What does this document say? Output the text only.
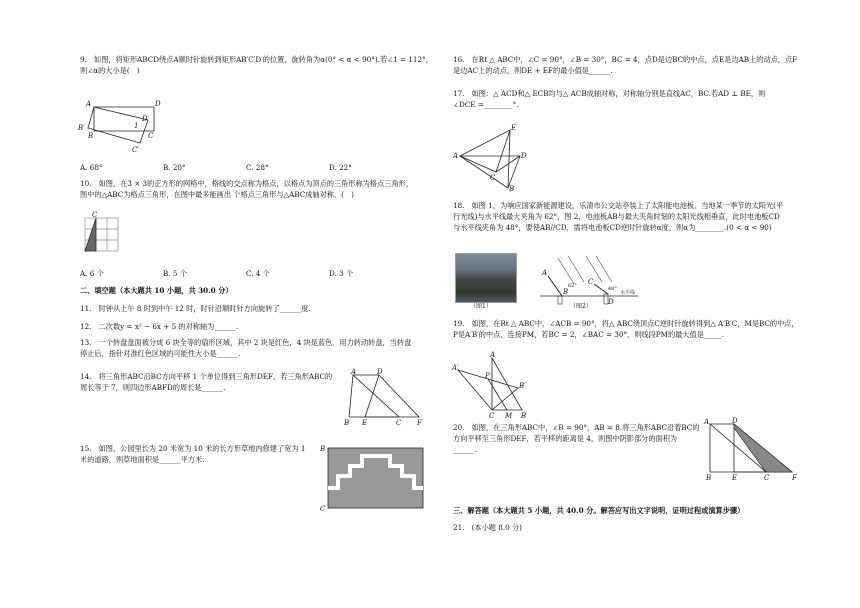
9.　如图，将矩形ABCD绕点A顺时针旋转到矩形AB′C′D′的位置，旋转角为α(0° < α < 90°).若∠1 = 112°，
则∠α的大小是(　)
A	D
B′
B
1
D′
C
C′
A. 68°	B. 20°	C. 28°	D. 22°
10.　如图，在3 × 3的正方形的网格中，格线的交点称为格点，以格点为顶点的三角形称为格点三角形，
图中的△ABC为格点三角形，在图中最多能画出 个格点三角形与△ABC成轴对称．(　)
C
A. 6 个	B. 5 个	C. 4 个	D. 3 个
二、填空题（本大题共 10 小题，共 30.0 分）
11.　时钟从上午 8 时到中午 12 时，时针沿顺时针方向旋转了______度.
12.　二次数y = x² − 6x + 5 的对称轴为______.
13.　一个转盘盘面被分成 6 块全等的扇形区域，其中 2 块是红色，4 块是蓝色．用力转动转盘，当转盘
停止后，指针对准红色区域的可能性大小是______.
14.　将三角形ABC沿BC方向平移 1 个单位得到三角形DEF，若三角形ABC的
周长等于 7，则四边形ABFD的周长是______.
A	D
B E	C F
15.　如图，公园里长为 20 米宽为 10 米的长方形草地内修建了宽为 1
米的道路，则草地面积是______平方米.
B
C
16.　在Rt △ ABC中，∠C = 90°，∠B = 30°，BC = 4，点D是边BC的中点，点E是边AB上的动点，点F
是边AC上的动点，则DE + EF的最小值是______.
17.　如图：△ ACD和△ ECB均与△ ACB成轴对称，对称轴分别是直线AC，BC.若AD ⊥ BE，则
∠DCE =________°.
E
A	D
C
B
18.　如图 1，为响应国家新能源建设，乐清市公交站亭装上了太阳能电池板．当地某一季节的太阳光(平
行光线)与水平线最大夹角为 62°，图 2，电池板AB与最大夹角时刻的太阳光线相垂直，此时电池板CD
与水平线夹角为 48°，要使AB//CD，需将电池板CD逆时针旋转α度，则α为________.(0 < α < 90)
（图1）
A
B
C
D
62°	48°
水平线
（图2）
19.　如图，在Rt △ ABC中，∠ACB = 90°，将△ ABC绕顶点C逆时针旋转得到△ A′B′C，M是BC的中点，
P是A′B′的中点，连接PM，若BC = 2，∠BAC = 30°，则线段PM的最大值是_____.
A′
A
P
B′
C M B
20.　如图，在三角形ABC中，∠B = 90°，AB = 8.将三角形ABC沿着BC的
方向平移至三角形DEF，若平移的距离是 4，则图中阴影部分的面积为
______.
A	D
B	E	C	F
三、解答题（本大题共 5 小题，共 40.0 分。解答应写出文字说明，证明过程或演算步骤）
21.　(本小题 8.0 分)
